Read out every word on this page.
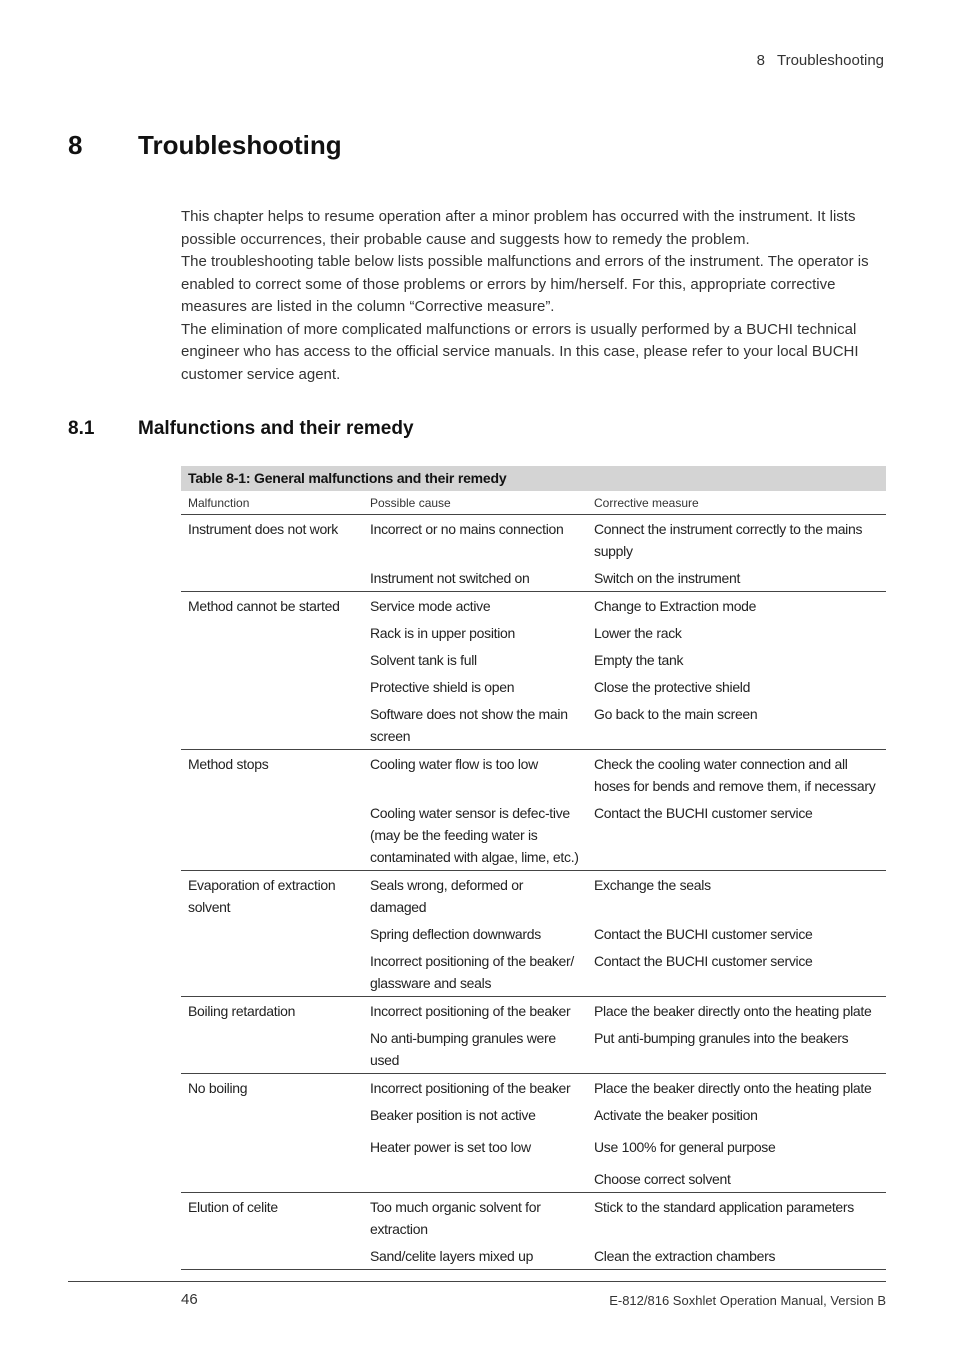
8 Troubleshooting
8 Troubleshooting

This chapter helps to resume operation after a minor problem has occurred with the instrument. It lists possible occurrences, their probable cause and suggests how to remedy the problem.

The troubleshooting table below lists possible malfunctions and errors of the instrument. The operator is enabled to correct some of those problems or errors by him/herself. For this, appropriate corrective measures are listed in the column “Corrective measure”.

The elimination of more complicated malfunctions or errors is usually performed by a BUCHI technical engineer who has access to the official service manuals. In this case, please refer to your local BUCHI customer service agent.

8.1 Malfunctions and their remedy
Table 8-1: General malfunctions and their remedy
Malfunction	Possible cause	Corrective measure
Instrument does not work	Incorrect or no mains connection	Connect the instrument correctly to the mains supply
	Instrument not switched on	Switch on the instrument
Method cannot be started	Service mode active	Change to Extraction mode
	Rack is in upper position	Lower the rack
	Solvent tank is full	Empty the tank
	Protective shield is open	Close the protective shield
	Software does not show the main screen	Go back to the main screen
Method stops	Cooling water flow is too low	Check the cooling water connection and all hoses for bends and remove them, if necessary
	Cooling water sensor is defec-tive (may be the feeding water is contaminated with algae, lime, etc.)	Contact the BUCHI customer service
Evaporation of extraction solvent	Seals wrong, deformed or damaged	Exchange the seals
	Spring deflection downwards	Contact the BUCHI customer service
	Incorrect positioning of the beaker/ glassware and seals	Contact the BUCHI customer service
Boiling retardation	Incorrect positioning of the beaker	Place the beaker directly onto the heating plate
	No anti-bumping granules were used	Put anti-bumping granules into the beakers
No boiling	Incorrect positioning of the beaker	Place the beaker directly onto the heating plate
	Beaker position is not active	Activate the beaker position
	Heater power is set too low	Use 100% for general purpose
		Choose correct solvent
Elution of celite	Too much organic solvent for extraction	Stick to the standard application parameters
	Sand/celite layers mixed up	Clean the extraction chambers
46	E-812/816 Soxhlet Operation Manual, Version B
